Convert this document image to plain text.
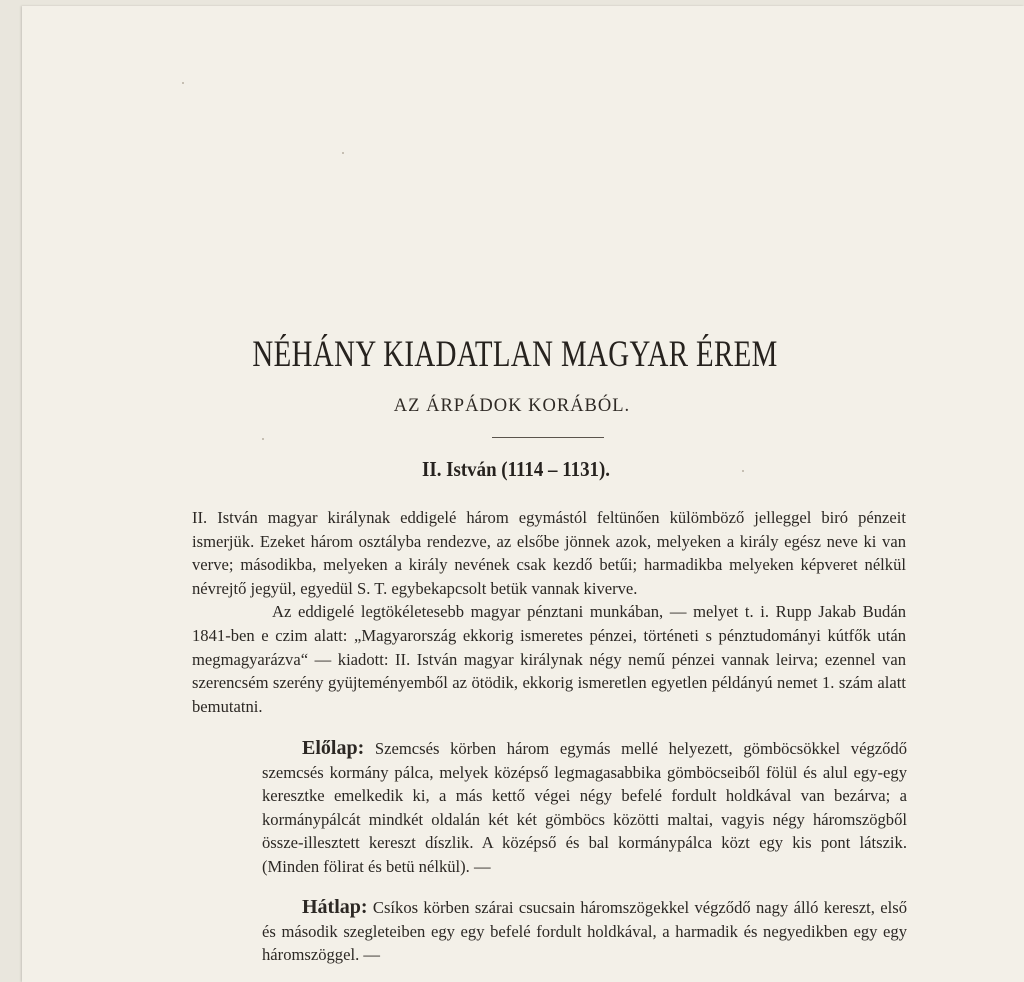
NÉHÁNY KIADATLAN MAGYAR ÉREM
AZ ÁRPÁDOK KORÁBÓL.
II. István (1114 – 1131).

II. István magyar királynak eddigelé három egymástól feltünően külömböző jelleggel biró pénzeit ismerjük. Ezeket három osztályba rendezve, az elsőbe jönnek azok, melyeken a király egész neve ki van verve; másodikba, melyeken a király nevének csak kezdő betűi; harmadikba melyeken képveret nélkül névrejtő jegyül, egyedül S. T. egybekapcsolt betük vannak kiverve.

Az eddigelé legtökéletesebb magyar pénztani munkában, — melyet t. i. Rupp Jakab Budán 1841-ben e czim alatt: „Magyarország ekkorig ismeretes pénzei, történeti s pénztudományi kútfők után megmagyarázva“ — kiadott: II. István magyar királynak négy nemű pénzei vannak leirva; ezennel van szerencsém szerény gyüjteményemből az ötödik, ekkorig ismeretlen egyetlen példányú nemet 1. szám alatt bemutatni.

Előlap: Szemcsés körben három egymás mellé helyezett, gömböcsökkel végződő szemcsés kormány pálca, melyek középső legmagasabbika gömböcseiből fölül és alul egy-egy keresztke emelkedik ki, a más kettő végei négy befelé fordult holdkával van bezárva; a kormánypálcát mindkét oldalán két két gömböcs közötti maltai, vagyis négy háromszögből össze-illesztett kereszt díszlik. A középső és bal kormánypálca közt egy kis pont látszik. (Minden fölirat és betü nélkül). —

Hátlap: Csíkos körben szárai csucsain háromszögekkel végződő nagy álló kereszt, első és második szegleteiben egy egy befelé fordult holdkával, a harmadik és negyedikben egy egy háromszöggel. —
